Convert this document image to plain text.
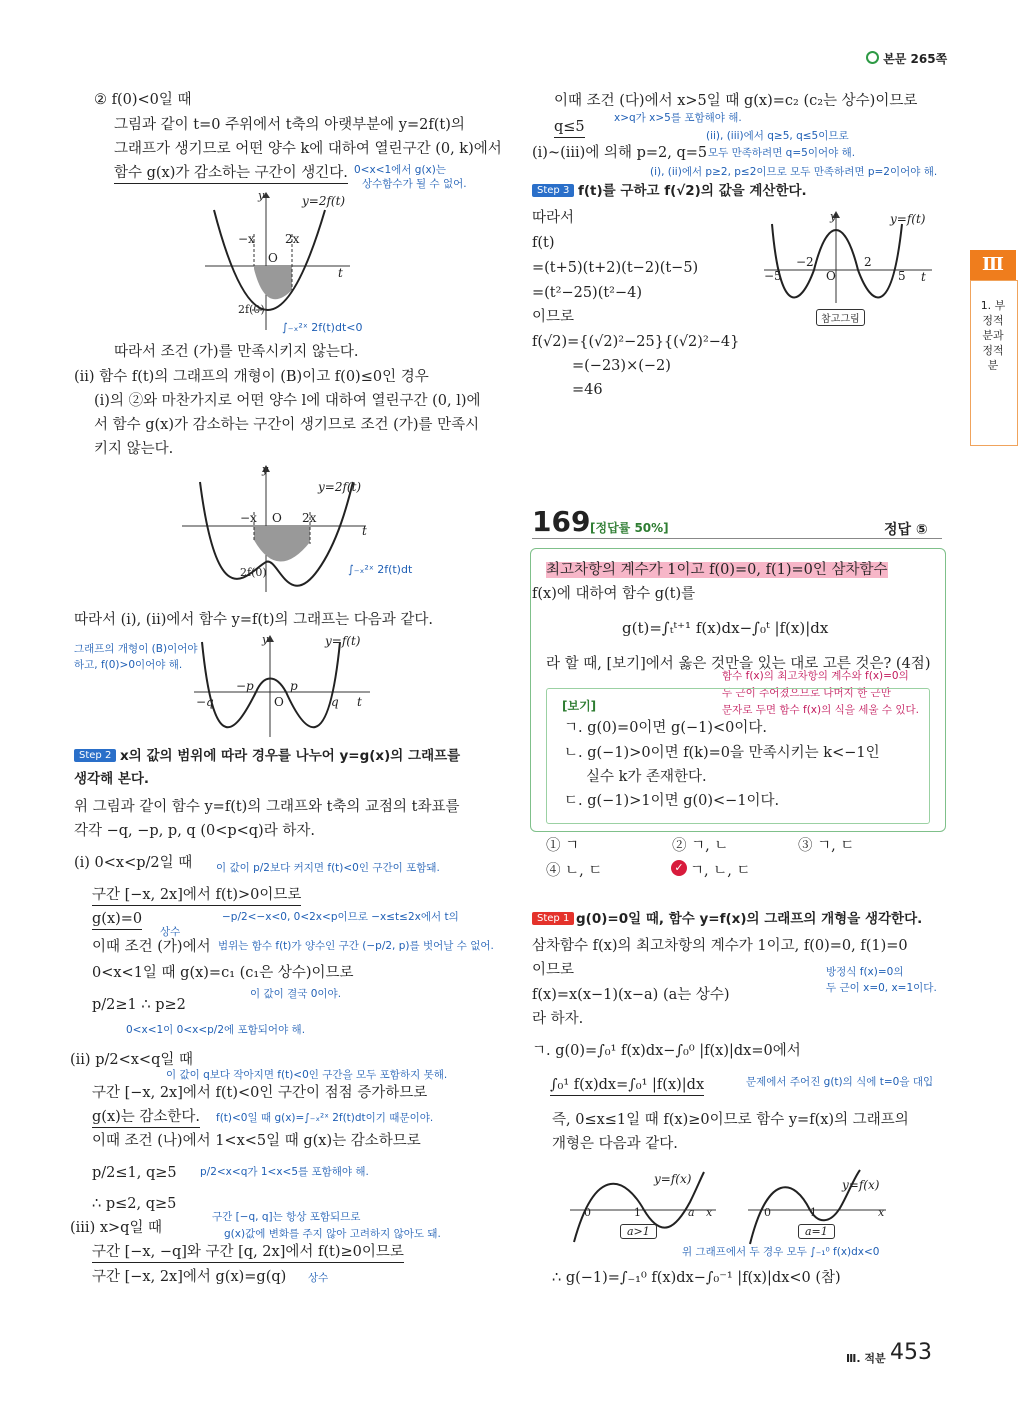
본문 265쪽
Ⅲ
1. 부정적분과 정적분
② f(0)<0일 때
그림과 같이 t=0 주위에서 t축의 아랫부분에 y=2f(t)의
그래프가 생기므로 어떤 양수 k에 대하여 열린구간 (0, k)에서
함수 g(x)가 감소하는 구간이 생긴다. 0<x<1에서 g(x)는
상수함수가 될 수 없어.
y	y=2f(t)
t
−x	2x
O
2f(0)
∫₋ₓ²ˣ 2f(t)dt<0
따라서 조건 (가)를 만족시키지 않는다.
(ii) 함수 f(t)의 그래프의 개형이 (B)이고 f(0)≤0인 경우
(i)의 ②와 마찬가지로 어떤 양수 l에 대하여 열린구간 (0, l)에
서 함수 g(x)가 감소하는 구간이 생기므로 조건 (가)를 만족시
키지 않는다.
y
y=2f(t)
t
−x O 2x
2f(0)	∫₋ₓ²ˣ 2f(t)dt
따라서 (i), (ii)에서 함수 y=f(t)의 그래프는 다음과 같다.
그래프의 개형이 (B)이어야
하고, f(0)>0이어야 해.
y	y=f(t)
t
−q
−p	p
O	q
Step 2 x의 값의 범위에 따라 경우를 나누어 y=g(x)의 그래프를
생각해 본다.
위 그림과 같이 함수 y=f(t)의 그래프와 t축의 교점의 t좌표를
각각 −q, −p, p, q (0<p<q)라 하자.
(i) 0<x<p/2일 때 이 값이 p/2보다 커지면 f(t)<0인 구간이 포함돼.
구간 [−x, 2x]에서 f(t)>0이므로
g(x)=0	−p/2<−x<0, 0<2x<p이므로 −x≤t≤2x에서 t의
상수
이때 조건 (가)에서 범위는 함수 f(t)가 양수인 구간 (−p/2, p)를 벗어날 수 없어.
0<x<1일 때 g(x)=c₁ (c₁은 상수)이므로
이 값이 결국 0이야.
p/2≥1 ∴ p≥2
0<x<1이 0<x<p/2에 포함되어야 해.
(ii) p/2<x<q일 때
이 값이 q보다 작아지면 f(t)<0인 구간을 모두 포함하지 못해.
구간 [−x, 2x]에서 f(t)<0인 구간이 점점 증가하므로
g(x)는 감소한다. f(t)<0일 때 g(x)=∫₋ₓ²ˣ 2f(t)dt이기 때문이야.
이때 조건 (나)에서 1<x<5일 때 g(x)는 감소하므로
p/2≤1, q≥5 p/2<x<q가 1<x<5를 포함해야 해.
∴ p≤2, q≥5
(iii) x>q일 때
구간 [−q, q]는 항상 포함되므로
g(x)값에 변화를 주지 않아 고려하지 않아도 돼.
구간 [−x, −q]와 구간 [q, 2x]에서 f(t)≥0이므로
구간 [−x, 2x]에서 g(x)=g(q) 상수
이때 조건 (다)에서 x>5일 때 g(x)=c₂ (c₂는 상수)이므로
q≤5
x>q가 x>5를 포함해야 해.
(ii), (iii)에서 q≥5, q≤5이므로
(i)~(iii)에 의해 p=2, q=5 모두 만족하려면 q=5이어야 해.
(i), (ii)에서 p≥2, p≤2이므로 모두 만족하려면 p=2이어야 해.
Step 3 f(t)를 구하고 f(√2)의 값을 계산한다.
따라서
f(t)
=(t+5)(t+2)(t−2)(t−5)
=(t²−25)(t²−4)
이므로
f(√2)={(√2)²−25}{(√2)²−4}
=(−23)×(−2)
=46
y	y=f(t)
t
−5
−2
O
2
5
참고그림
169 [정답률 50%]	정답 ⑤
최고차항의 계수가 1이고 f(0)=0, f(1)=0인 삼차함수
f(x)에 대하여 함수 g(t)를
g(t)=∫ₜᵗ⁺¹ f(x)dx−∫₀ᵗ |f(x)|dx
라 할 때, [보기]에서 옳은 것만을 있는 대로 고른 것은? (4점)
함수 f(x)의 최고차항의 계수와 f(x)=0의
두 근이 주어졌으므로 나머지 한 근만
문자로 두면 함수 f(x)의 식을 세울 수 있다.
[보기]
ㄱ. g(0)=0이면 g(−1)<0이다.
ㄴ. g(−1)>0이면 f(k)=0을 만족시키는 k<−1인
실수 k가 존재한다.
ㄷ. g(−1)>1이면 g(0)<−1이다.
① ㄱ	② ㄱ, ㄴ	③ ㄱ, ㄷ
④ ㄴ, ㄷ	✓ ㄱ, ㄴ, ㄷ
Step 1 g(0)=0일 때, 함수 y=f(x)의 그래프의 개형을 생각한다.
삼차함수 f(x)의 최고차항의 계수가 1이고, f(0)=0, f(1)=0
이므로	방정식 f(x)=0의
두 근이 x=0, x=1이다.
f(x)=x(x−1)(x−a) (a는 상수)
라 하자.
ㄱ. g(0)=∫₀¹ f(x)dx−∫₀⁰ |f(x)|dx=0에서
∫₀¹ f(x)dx=∫₀¹ |f(x)|dx	문제에서 주어진 g(t)의 식에 t=0을 대입
즉, 0≤x≤1일 때 f(x)≥0이므로 함수 y=f(x)의 그래프의
개형은 다음과 같다.
y=f(x)
0	1	a x
a>1
y=f(x)
0	1	x
a=1
위 그래프에서 두 경우 모두 ∫₋₁⁰ f(x)dx<0
∴ g(−1)=∫₋₁⁰ f(x)dx−∫₀⁻¹ |f(x)|dx<0 (참)
Ⅲ. 적분 453
